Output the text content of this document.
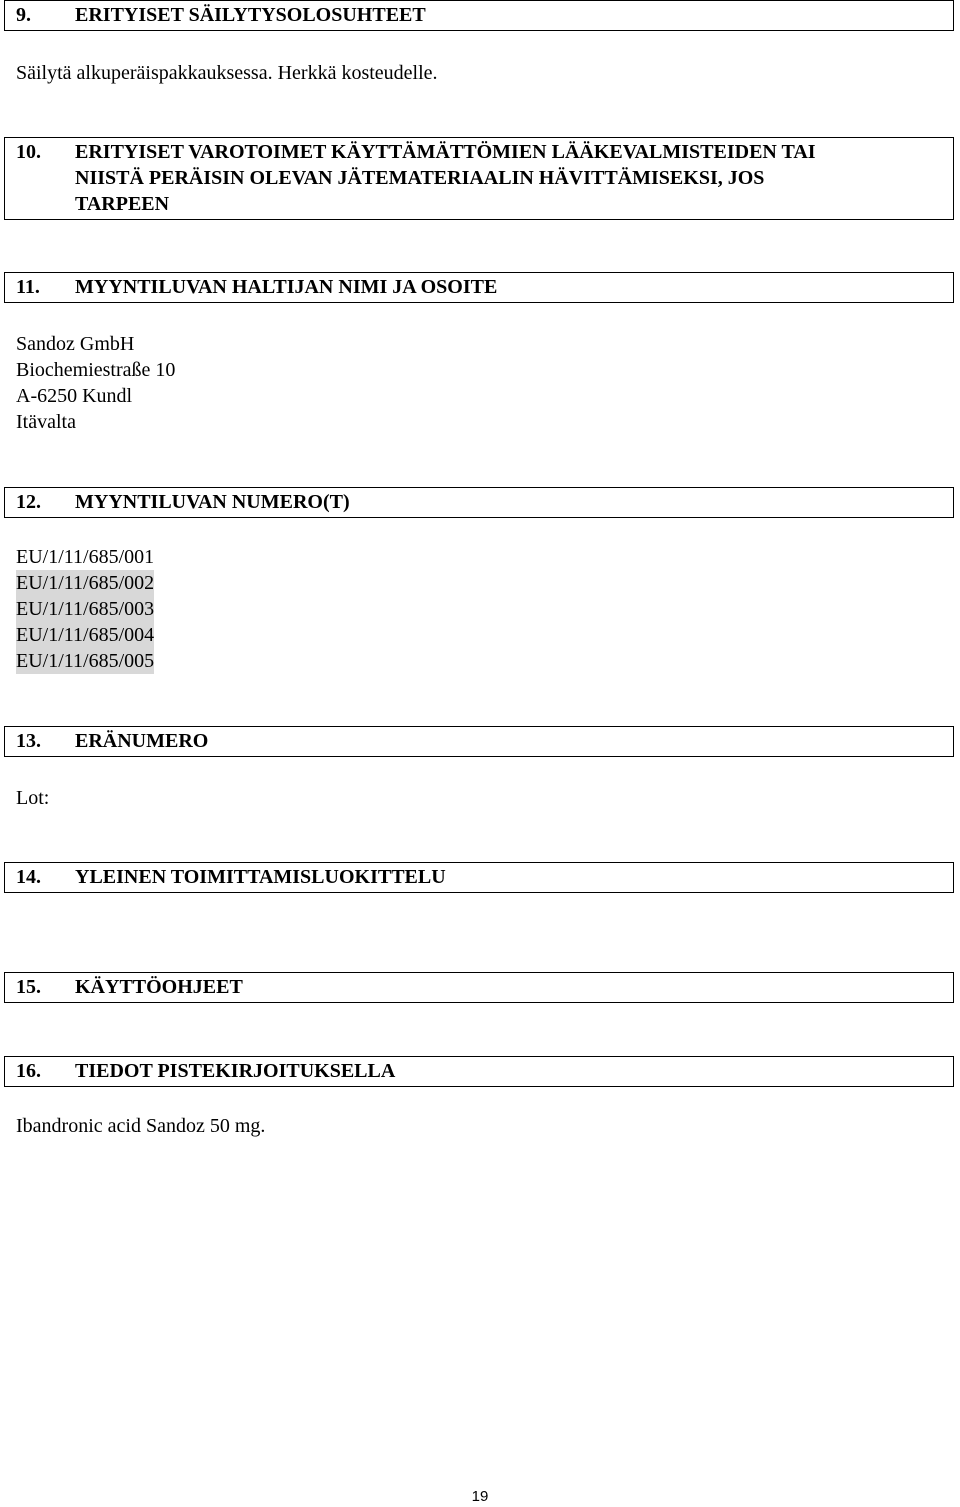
9. ERITYISET SÄILYTYSOLOSUHTEET
Säilytä alkuperäispakkauksessa. Herkkä kosteudelle.
10. ERITYISET VAROTOIMET KÄYTTÄMÄTTÖMIEN LÄÄKEVALMISTEIDEN TAI
NIISTÄ PERÄISIN OLEVAN JÄTEMATERIAALIN HÄVITTÄMISEKSI, JOS
TARPEEN
11. MYYNTILUVAN HALTIJAN NIMI JA OSOITE
Sandoz GmbH
Biochemiestraße 10
A-6250 Kundl
Itävalta
12. MYYNTILUVAN NUMERO(T)
EU/1/11/685/001
EU/1/11/685/002
EU/1/11/685/003
EU/1/11/685/004
EU/1/11/685/005
13. ERÄNUMERO
Lot:
14. YLEINEN TOIMITTAMISLUOKITTELU
15. KÄYTTÖOHJEET
16. TIEDOT PISTEKIRJOITUKSELLA
Ibandronic acid Sandoz 50 mg.
19
